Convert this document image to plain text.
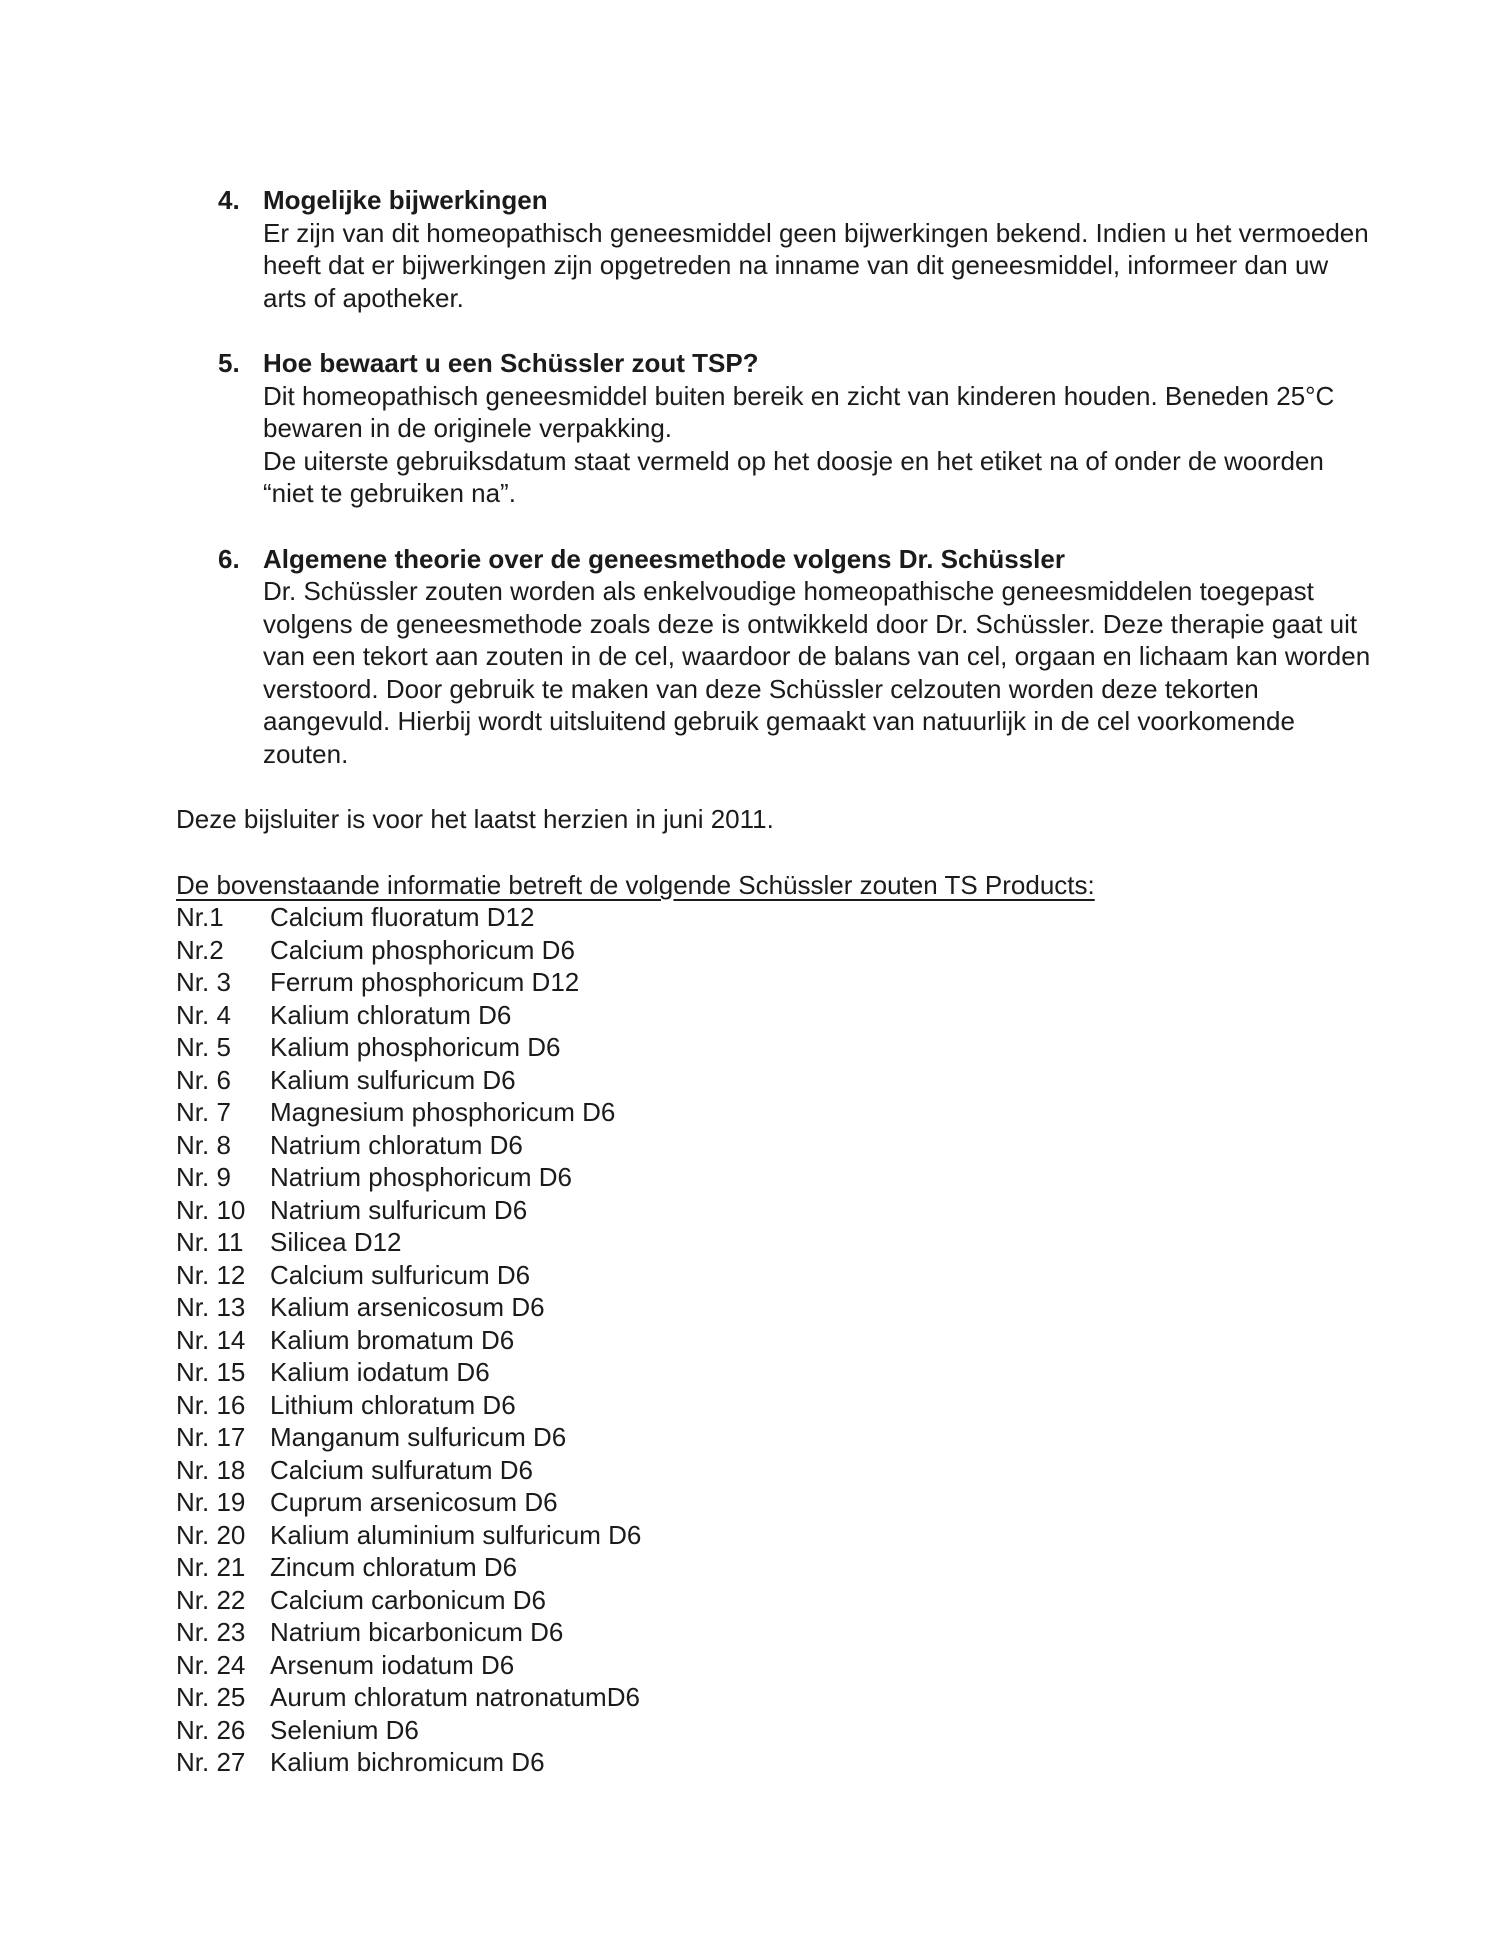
4. Mogelijke bijwerkingen
Er zijn van dit homeopathisch geneesmiddel geen bijwerkingen bekend. Indien u het vermoeden
heeft dat er bijwerkingen zijn opgetreden na inname van dit geneesmiddel, informeer dan uw
arts of apotheker.
5. Hoe bewaart u een Schüssler zout TSP?
Dit homeopathisch geneesmiddel buiten bereik en zicht van kinderen houden. Beneden 25°C
bewaren in de originele verpakking.
De uiterste gebruiksdatum staat vermeld op het doosje en het etiket na of onder de woorden
“niet te gebruiken na”.
6. Algemene theorie over de geneesmethode volgens Dr. Schüssler
Dr. Schüssler zouten worden als enkelvoudige homeopathische geneesmiddelen toegepast
volgens de geneesmethode zoals deze is ontwikkeld door Dr. Schüssler. Deze therapie gaat uit
van een tekort aan zouten in de cel, waardoor de balans van cel, orgaan en lichaam kan worden
verstoord. Door gebruik te maken van deze Schüssler celzouten worden deze tekorten
aangevuld. Hierbij wordt uitsluitend gebruik gemaakt van natuurlijk in de cel voorkomende
zouten.

Deze bijsluiter is voor het laatst herzien in juni 2011.

De bovenstaande informatie betreft de volgende Schüssler zouten TS Products:
Nr.1	Calcium fluoratum D12
Nr.2	Calcium phosphoricum D6
Nr. 3	Ferrum phosphoricum D12
Nr. 4	Kalium chloratum D6
Nr. 5	Kalium phosphoricum D6
Nr. 6	Kalium sulfuricum D6
Nr. 7	Magnesium phosphoricum D6
Nr. 8	Natrium chloratum D6
Nr. 9	Natrium phosphoricum D6
Nr. 10 Natrium sulfuricum D6
Nr. 11	Silicea D12
Nr. 12 Calcium sulfuricum D6
Nr. 13 Kalium arsenicosum D6
Nr. 14 Kalium bromatum D6
Nr. 15 Kalium iodatum D6
Nr. 16 Lithium chloratum D6
Nr. 17 Manganum sulfuricum D6
Nr. 18 Calcium sulfuratum D6
Nr. 19 Cuprum arsenicosum D6
Nr. 20 Kalium aluminium sulfuricum D6
Nr. 21 Zincum chloratum D6
Nr. 22 Calcium carbonicum D6
Nr. 23 Natrium bicarbonicum D6
Nr. 24 Arsenum iodatum D6
Nr. 25 Aurum chloratum natronatumD6
Nr. 26 Selenium D6
Nr. 27 Kalium bichromicum D6
